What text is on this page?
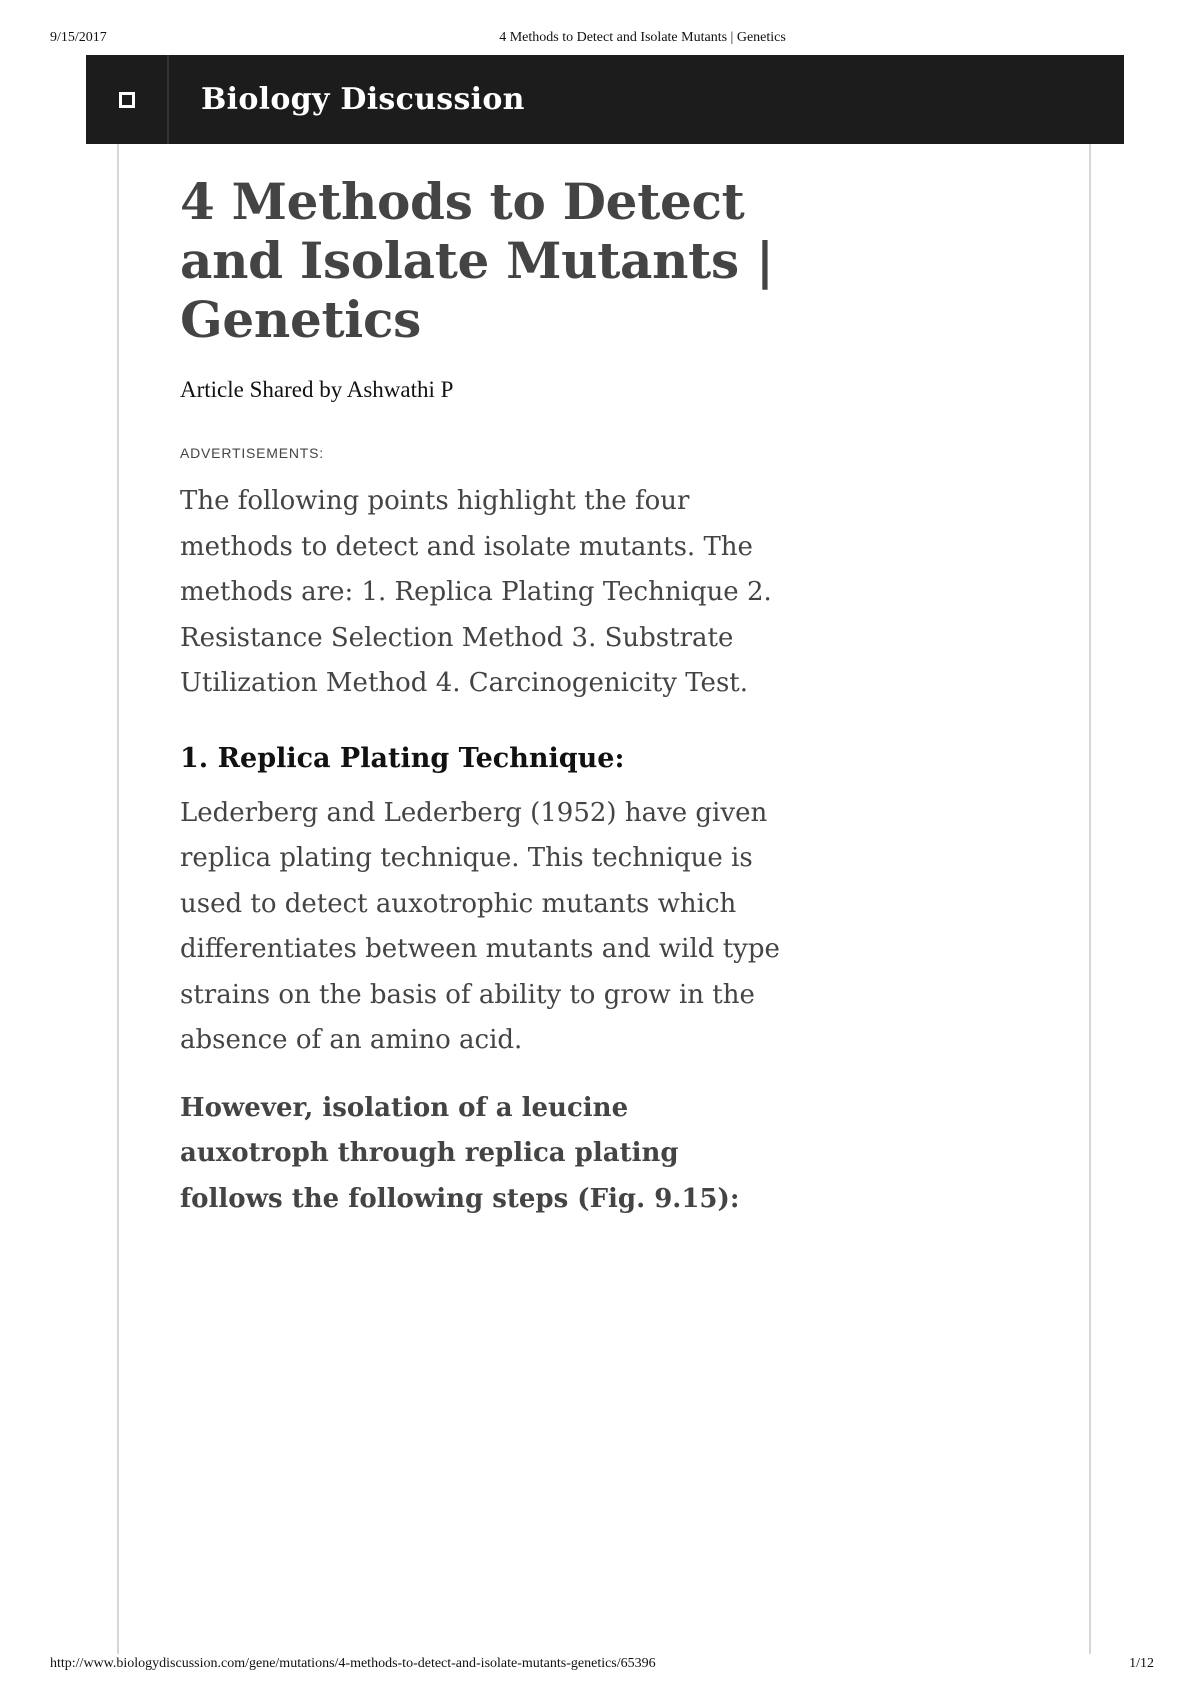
9/15/2017	4 Methods to Detect and Isolate Mutants | Genetics
Biology Discussion
4 Methods to Detect and Isolate Mutants | Genetics
Article Shared by Ashwathi P
ADVERTISEMENTS:

The following points highlight the four methods to detect and isolate mutants. The methods are: 1. Replica Plating Technique 2. Resistance Selection Method 3. Substrate Utilization Method 4. Carcinogenicity Test.

1. Replica Plating Technique:

Lederberg and Lederberg (1952) have given replica plating technique. This technique is used to detect auxotrophic mutants which differentiates between mutants and wild type strains on the basis of ability to grow in the absence of an amino acid.

However, isolation of a leucine auxotroph through replica plating follows the following steps (Fig. 9.15):

http://www.biologydiscussion.com/gene/mutations/4-methods-to-detect-and-isolate-mutants-genetics/65396	1/12
